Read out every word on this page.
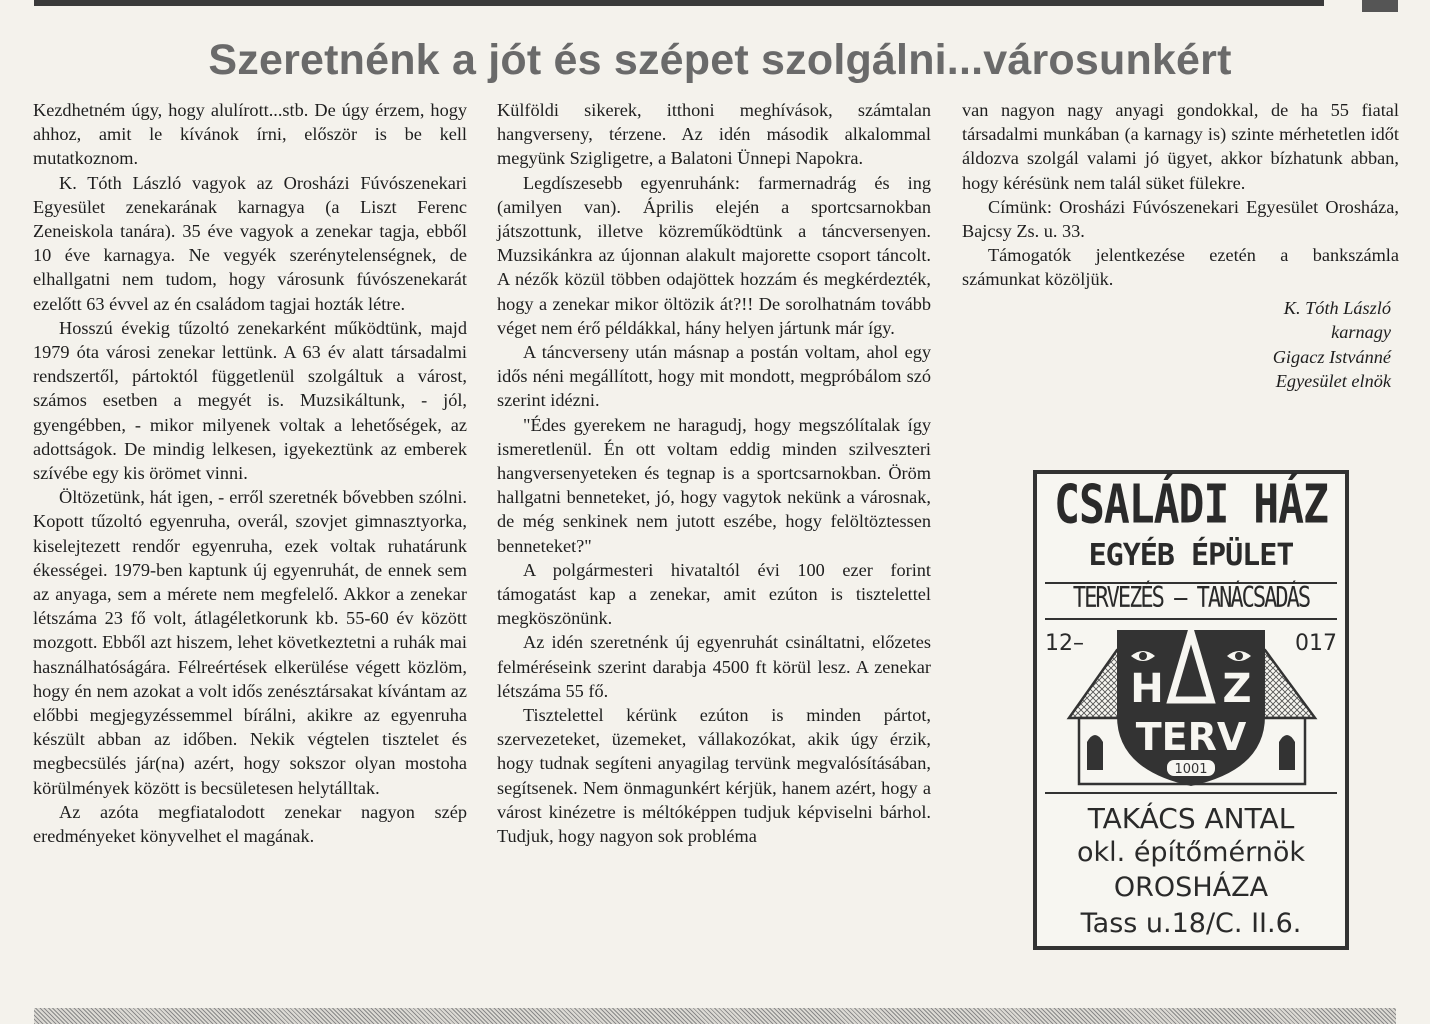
Szeretnénk a jót és szépet szolgálni...városunkért

Kezdhetném úgy, hogy alulírott...stb. De úgy érzem, hogy ahhoz, amit le kívánok írni, először is be kell mutatkoznom.

K. Tóth László vagyok az Orosházi Fúvószenekari Egyesület zenekarának karnagya (a Liszt Ferenc Zeneiskola tanára). 35 éve vagyok a zenekar tagja, ebből 10 éve karnagya. Ne vegyék szerénytelenségnek, de elhallgatni nem tudom, hogy városunk fúvószenekarát ezelőtt 63 évvel az én családom tagjai hozták létre.

Hosszú évekig tűzoltó zenekarként működtünk, majd 1979 óta városi zenekar lettünk. A 63 év alatt társadalmi rendszertől, pártoktól függetlenül szolgáltuk a várost, számos esetben a megyét is. Muzsikáltunk, - jól, gyengébben, - mikor milyenek voltak a lehetőségek, az adottságok. De mindig lelkesen, igyekeztünk az emberek szívébe egy kis örömet vinni.

Öltözetünk, hát igen, - erről szeretnék bővebben szólni. Kopott tűzoltó egyenruha, overál, szovjet gimnasztyorka, kiselejtezett rendőr egyenruha, ezek voltak ruhatárunk ékességei. 1979-ben kaptunk új egyenruhát, de ennek sem az anyaga, sem a mérete nem megfelelő. Akkor a zenekar létszáma 23 fő volt, átlagéletkorunk kb. 55-60 év között mozgott. Ebből azt hiszem, lehet következtetni a ruhák mai használhatóságára. Félreértések elkerülése végett közlöm, hogy én nem azokat a volt idős zenésztársakat kívántam az előbbi megjegyzéssemmel bírálni, akikre az egyenruha készült abban az időben. Nekik végtelen tisztelet és megbecsülés jár(na) azért, hogy sokszor olyan mostoha körülmények között is becsületesen helytálltak.

Az azóta megfiatalodott zenekar nagyon szép eredményeket könyvelhet el magának.

Külföldi sikerek, itthoni meghívások, számtalan hangverseny, térzene. Az idén második alkalommal megyünk Szigligetre, a Balatoni Ünnepi Napokra.

Legdíszesebb egyenruhánk: farmernadrág és ing (amilyen van). Április elején a sportcsarnokban játszottunk, illetve közreműködtünk a táncversenyen. Muzsikánkra az újonnan alakult majorette csoport táncolt. A nézők közül többen odajöttek hozzám és megkérdezték, hogy a zenekar mikor öltözik át?!! De sorolhatnám tovább véget nem érő példákkal, hány helyen jártunk már így.

A táncverseny után másnap a postán voltam, ahol egy idős néni megállított, hogy mit mondott, megpróbálom szó szerint idézni.

"Édes gyerekem ne haragudj, hogy megszólítalak így ismeretlenül. Én ott voltam eddig minden szilveszteri hangversenyeteken és tegnap is a sportcsarnokban. Öröm hallgatni benneteket, jó, hogy vagytok nekünk a városnak, de még senkinek nem jutott eszébe, hogy felöltöztessen benneteket?"

A polgármesteri hivataltól évi 100 ezer forint támogatást kap a zenekar, amit ezúton is tisztelettel megköszönünk.

Az idén szeretnénk új egyenruhát csináltatni, előzetes felméréseink szerint darabja 4500 ft körül lesz. A zenekar létszáma 55 fő.

Tisztelettel kérünk ezúton is minden pártot, szervezeteket, üzemeket, vállakozókat, akik úgy érzik, hogy tudnak segíteni anyagilag tervünk megvalósításában, segítsenek. Nem önmagunkért kérjük, hanem azért, hogy a várost kinézetre is méltóképpen tudjuk képviselni bárhol. Tudjuk, hogy nagyon sok probléma

van nagyon nagy anyagi gondokkal, de ha 55 fiatal társadalmi munkában (a karnagy is) szinte mérhetetlen időt áldozva szolgál valami jó ügyet, akkor bízhatunk abban, hogy kérésünk nem talál süket fülekre.

Címünk: Orosházi Fúvószenekari Egyesület Orosháza, Bajcsy Zs. u. 33.

Támogatók jelentkezése ezetén a bankszámla számunkat közöljük.

K. Tóth László
karnagy
Gigacz Istvánné
Egyesület elnök
CSALÁDI HÁZ
EGYÉB ÉPÜLET
TERVEZÉS – TANÁCSADÁS
H Z
TERV
1001
12–	017
TAKÁCS ANTAL
okl. építőmérnök
OROSHÁZA
Tass u.18/C. II.6.
